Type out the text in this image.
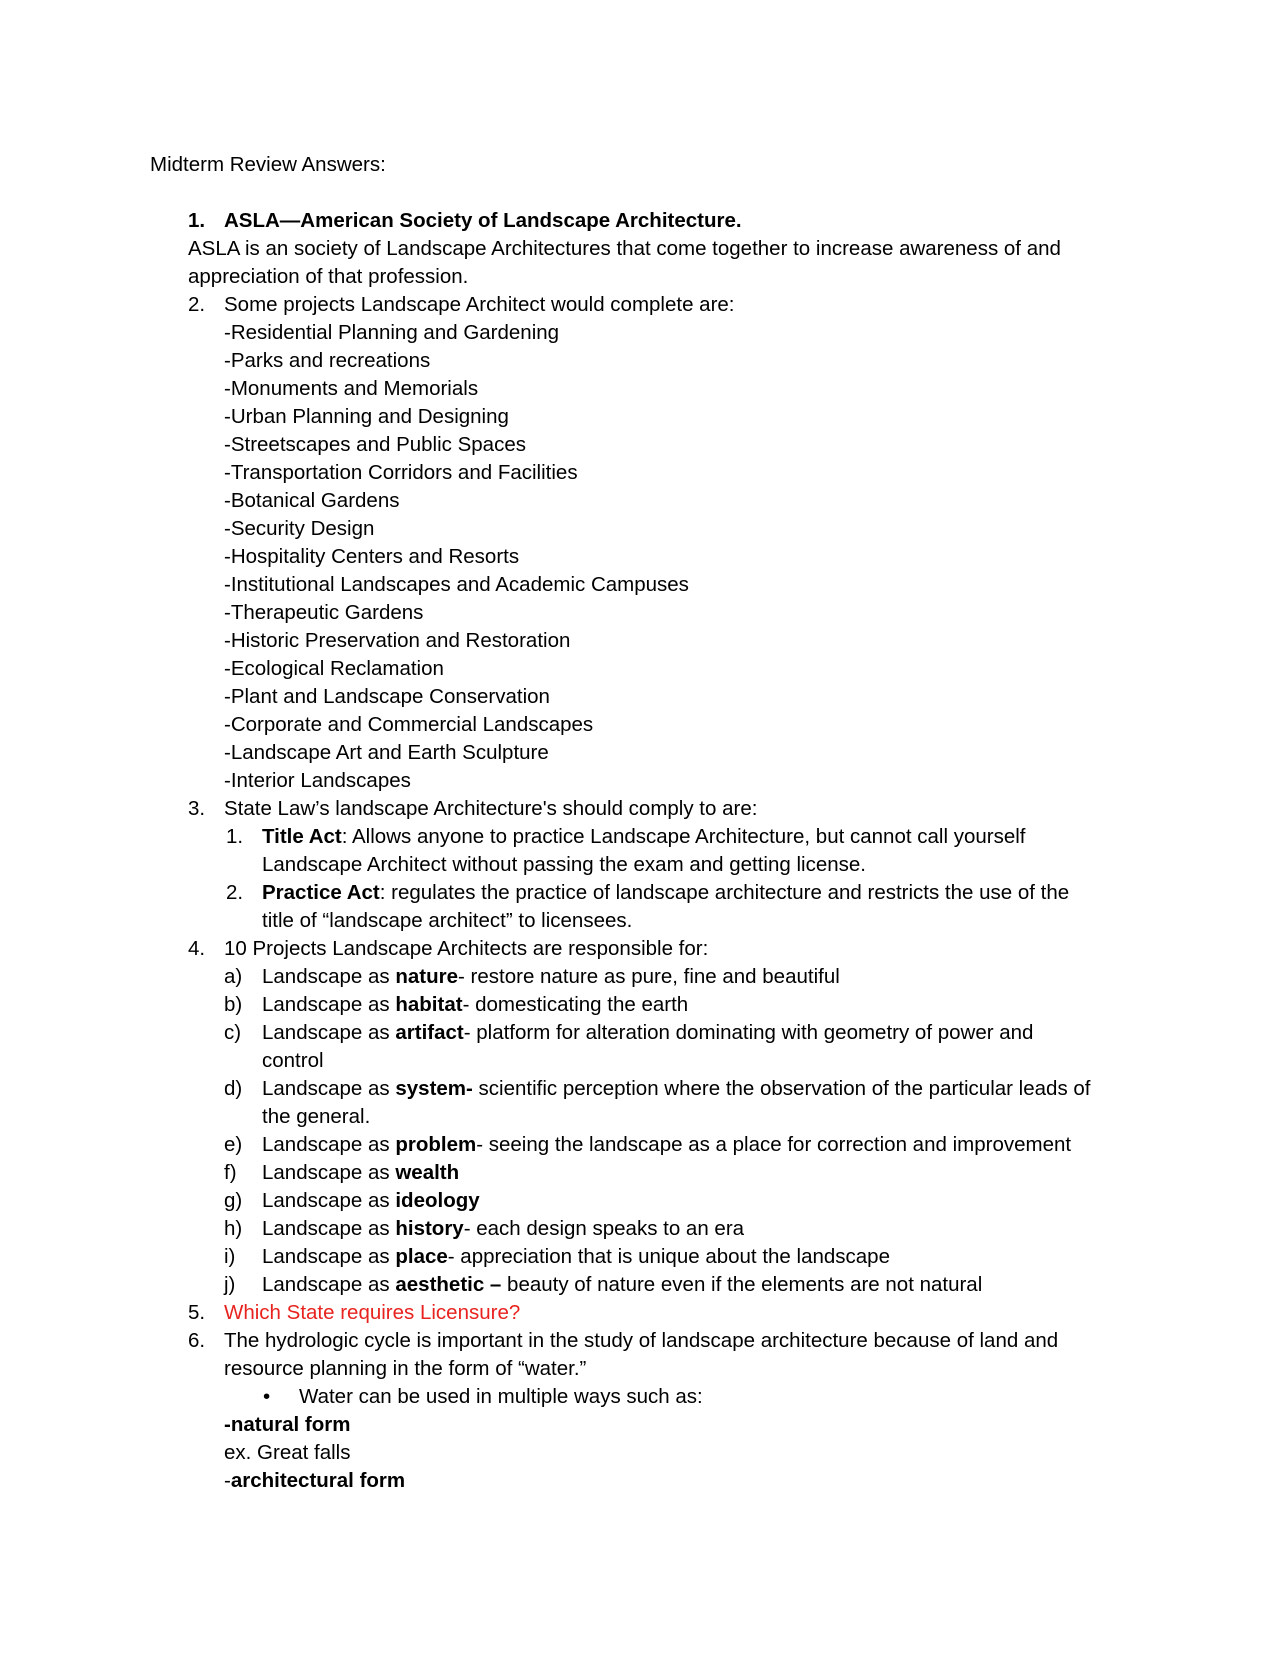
Midterm Review Answers:
1. ASLA—American Society of Landscape Architecture.
ASLA is an society of Landscape Architectures that come together to increase awareness of and
appreciation of that profession.
2. Some projects Landscape Architect would complete are:
-Residential Planning and Gardening
-Parks and recreations
-Monuments and Memorials
-Urban Planning and Designing
-Streetscapes and Public Spaces
-Transportation Corridors and Facilities
-Botanical Gardens
-Security Design
-Hospitality Centers and Resorts
-Institutional Landscapes and Academic Campuses
-Therapeutic Gardens
-Historic Preservation and Restoration
-Ecological Reclamation
-Plant and Landscape Conservation
-Corporate and Commercial Landscapes
-Landscape Art and Earth Sculpture
-Interior Landscapes
3. State Law’s landscape Architecture's should comply to are:
1. Title Act: Allows anyone to practice Landscape Architecture, but cannot call yourself
Landscape Architect without passing the exam and getting license.
2. Practice Act: regulates the practice of landscape architecture and restricts the use of the
title of “landscape architect” to licensees.
4. 10 Projects Landscape Architects are responsible for:
a) Landscape as nature- restore nature as pure, fine and beautiful
b) Landscape as habitat- domesticating the earth
c) Landscape as artifact- platform for alteration dominating with geometry of power and
control
d) Landscape as system- scientific perception where the observation of the particular leads of
the general.
e) Landscape as problem- seeing the landscape as a place for correction and improvement
f) Landscape as wealth
g) Landscape as ideology
h) Landscape as history- each design speaks to an era
i) Landscape as place- appreciation that is unique about the landscape
j) Landscape as aesthetic – beauty of nature even if the elements are not natural
5. Which State requires Licensure?
6. The hydrologic cycle is important in the study of landscape architecture because of land and
resource planning in the form of “water.”
• Water can be used in multiple ways such as:
-natural form
ex. Great falls
-architectural form
